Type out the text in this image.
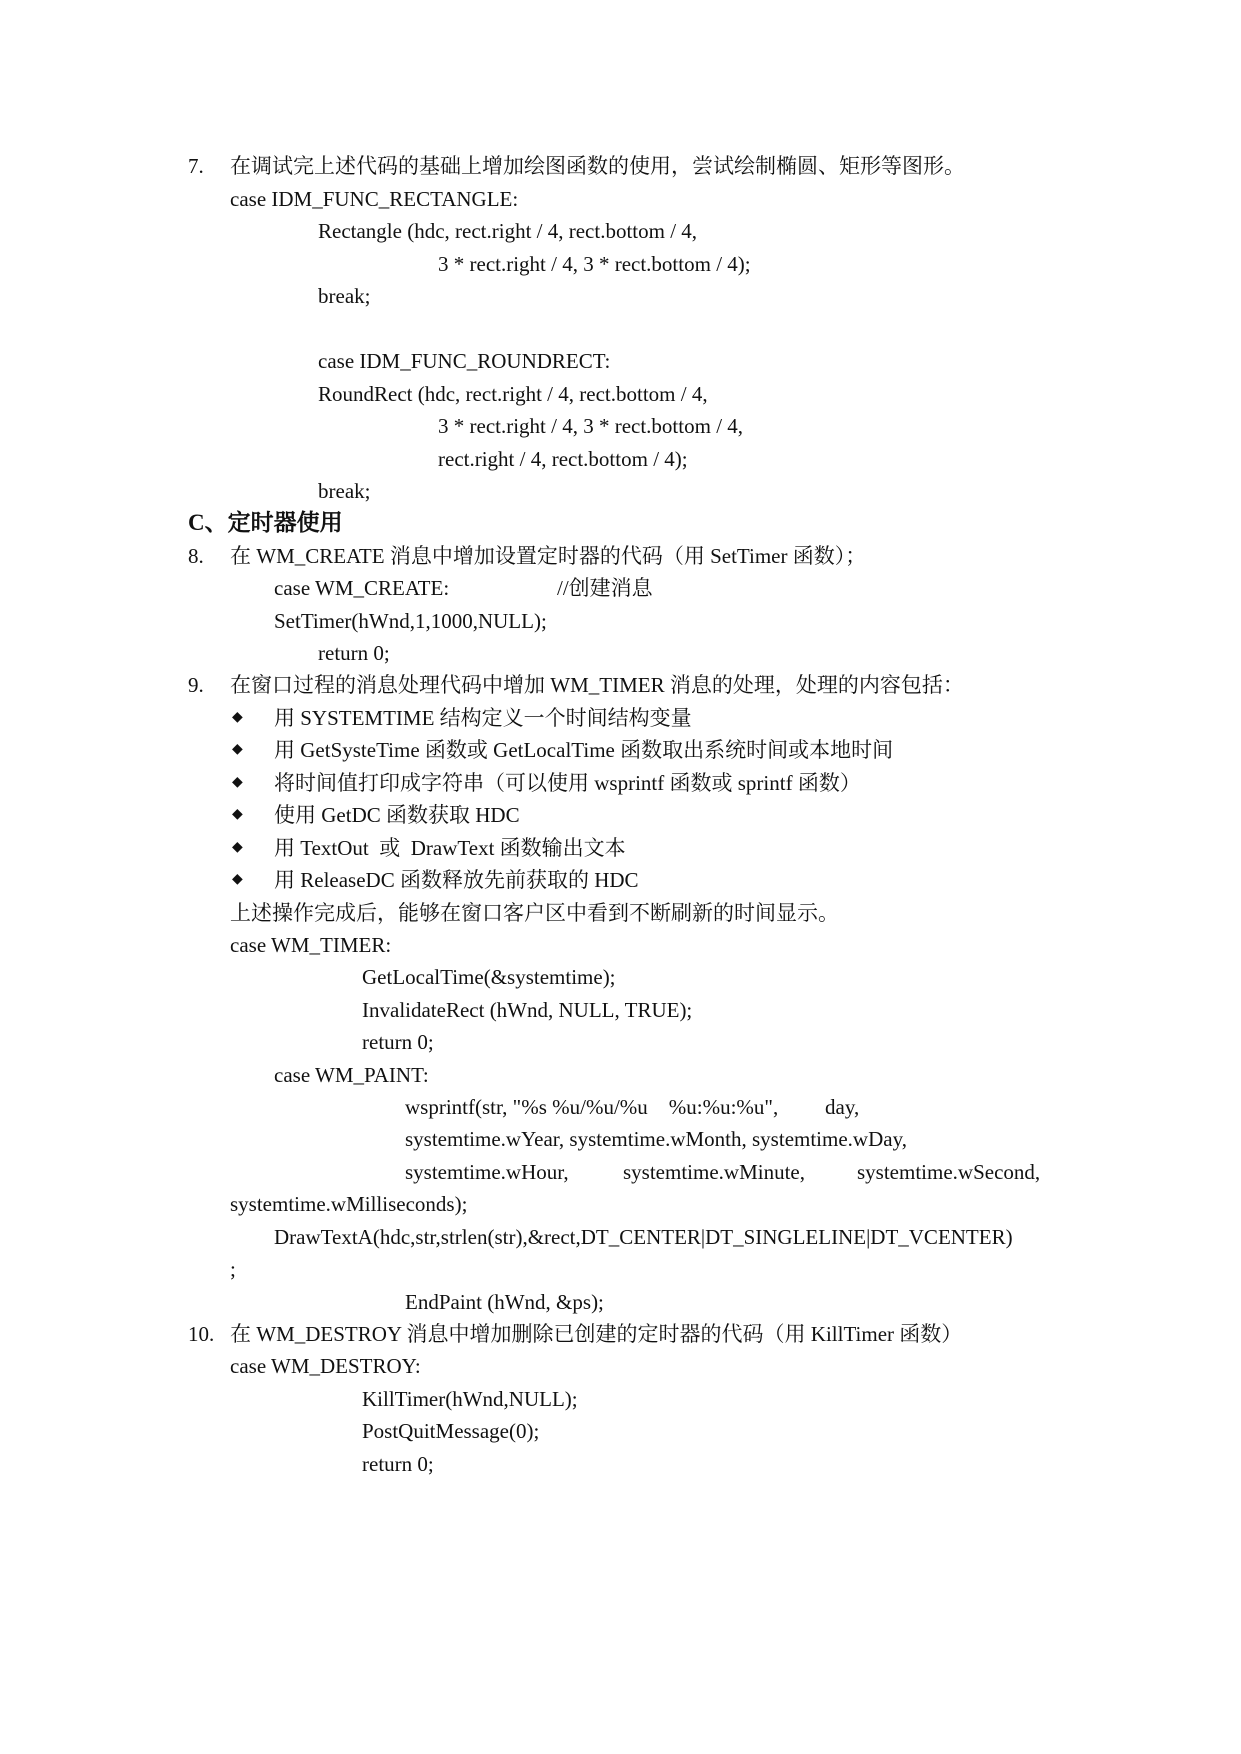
7. 在调试完上述代码的基础上增加绘图函数的使用，尝试绘制椭圆、矩形等图形。
case IDM_FUNC_RECTANGLE:
Rectangle (hdc, rect.right / 4, rect.bottom / 4,
3 * rect.right / 4, 3 * rect.bottom / 4);
break;
case IDM_FUNC_ROUNDRECT:
RoundRect (hdc, rect.right / 4, rect.bottom / 4,
3 * rect.right / 4, 3 * rect.bottom / 4,
rect.right / 4, rect.bottom / 4);
break;
C、定时器使用
8. 在 WM_CREATE 消息中增加设置定时器的代码（用 SetTimer 函数）；
case WM_CREATE:	//创建消息
SetTimer(hWnd,1,1000,NULL);
return 0;
9. 在窗口过程的消息处理代码中增加 WM_TIMER 消息的处理，处理的内容包括：
◆ 用 SYSTEMTIME 结构定义一个时间结构变量
◆ 用 GetSysteTime 函数或 GetLocalTime 函数取出系统时间或本地时间
◆ 将时间值打印成字符串（可以使用 wsprintf 函数或 sprintf 函数）
◆ 使用 GetDC 函数获取 HDC
◆ 用 TextOut  或  DrawText 函数输出文本
◆ 用 ReleaseDC 函数释放先前获取的 HDC
上述操作完成后，能够在窗口客户区中看到不断刷新的时间显示。
case WM_TIMER:
GetLocalTime(&systemtime);
InvalidateRect (hWnd, NULL, TRUE);
return 0;
case WM_PAINT:
wsprintf(str, "%s %u/%u/%u    %u:%u:%u", day,
systemtime.wYear, systemtime.wMonth, systemtime.wDay,
systemtime.wHour,	systemtime.wMinute, systemtime.wSecond,
systemtime.wMilliseconds);
DrawTextA(hdc,str,strlen(str),&rect,DT_CENTER|DT_SINGLELINE|DT_VCENTER)
;
EndPaint (hWnd, &ps);
10. 在 WM_DESTROY 消息中增加删除已创建的定时器的代码（用 KillTimer 函数）
case WM_DESTROY:
KillTimer(hWnd,NULL);
PostQuitMessage(0);
return 0;
